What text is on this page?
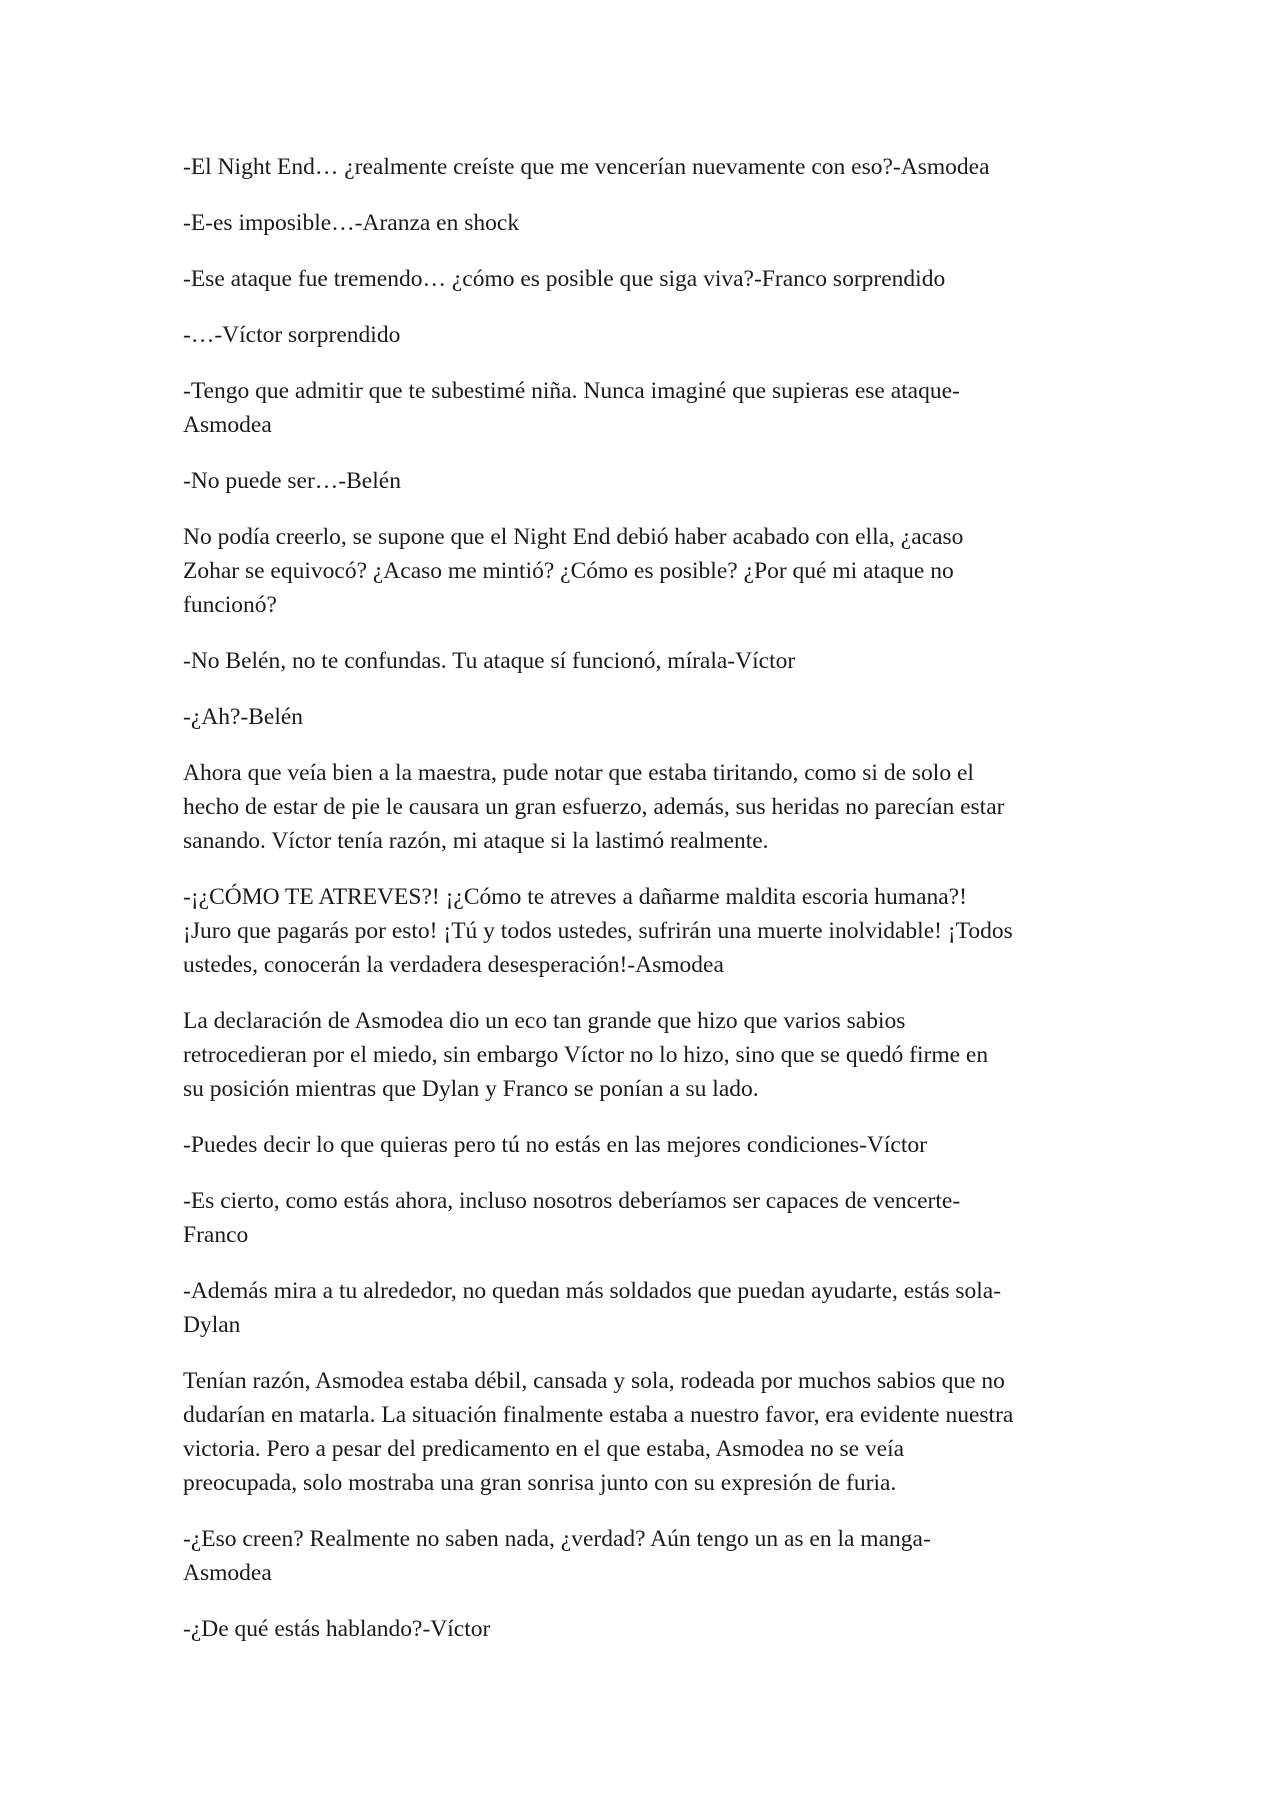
-El Night End… ¿realmente creíste que me vencerían nuevamente con eso?-Asmodea

-E-es imposible…-Aranza en shock

-Ese ataque fue tremendo… ¿cómo es posible que siga viva?-Franco sorprendido

-…-Víctor sorprendido

-Tengo que admitir que te subestimé niña. Nunca imaginé que supieras ese ataque-
Asmodea

-No puede ser…-Belén

No podía creerlo, se supone que el Night End debió haber acabado con ella, ¿acaso
Zohar se equivocó? ¿Acaso me mintió? ¿Cómo es posible? ¿Por qué mi ataque no
funcionó?

-No Belén, no te confundas. Tu ataque sí funcionó, mírala-Víctor

-¿Ah?-Belén

Ahora que veía bien a la maestra, pude notar que estaba tiritando, como si de solo el
hecho de estar de pie le causara un gran esfuerzo, además, sus heridas no parecían estar
sanando. Víctor tenía razón, mi ataque si la lastimó realmente.

-¡¿CÓMO TE ATREVES?! ¡¿Cómo te atreves a dañarme maldita escoria humana?!
¡Juro que pagarás por esto! ¡Tú y todos ustedes, sufrirán una muerte inolvidable! ¡Todos
ustedes, conocerán la verdadera desesperación!-Asmodea

La declaración de Asmodea dio un eco tan grande que hizo que varios sabios
retrocedieran por el miedo, sin embargo Víctor no lo hizo, sino que se quedó firme en
su posición mientras que Dylan y Franco se ponían a su lado.

-Puedes decir lo que quieras pero tú no estás en las mejores condiciones-Víctor

-Es cierto, como estás ahora, incluso nosotros deberíamos ser capaces de vencerte-
Franco

-Además mira a tu alrededor, no quedan más soldados que puedan ayudarte, estás sola-
Dylan

Tenían razón, Asmodea estaba débil, cansada y sola, rodeada por muchos sabios que no
dudarían en matarla. La situación finalmente estaba a nuestro favor, era evidente nuestra
victoria. Pero a pesar del predicamento en el que estaba, Asmodea no se veía
preocupada, solo mostraba una gran sonrisa junto con su expresión de furia.

-¿Eso creen? Realmente no saben nada, ¿verdad? Aún tengo un as en la manga-
Asmodea

-¿De qué estás hablando?-Víctor
